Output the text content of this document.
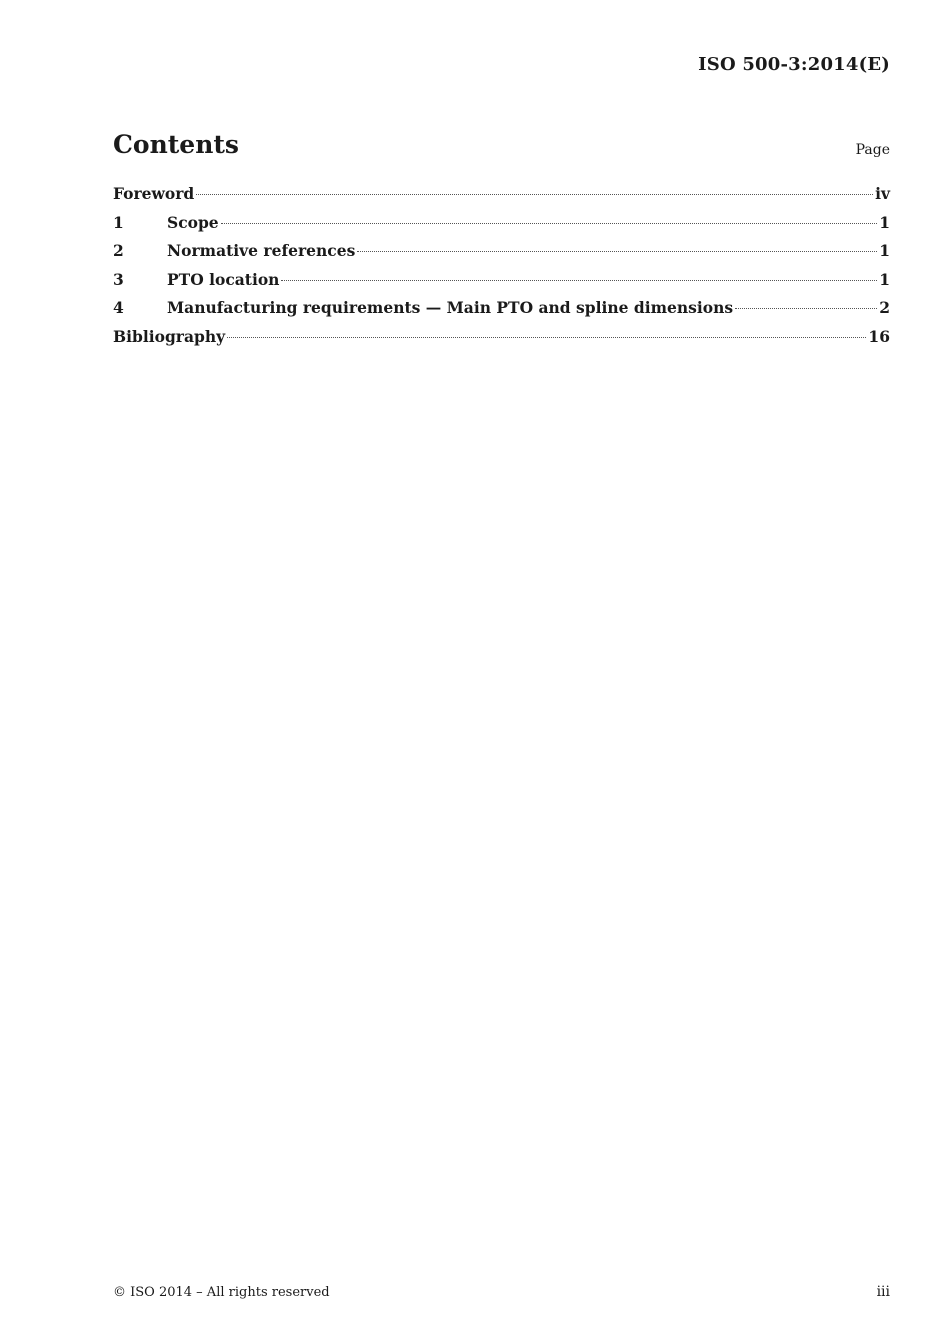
ISO 500-3:2014(E)
Contents	Page
Foreword	iv
1	Scope	1
2	Normative references	1
3	PTO location	1
4	Manufacturing requirements — Main PTO and spline dimensions	2
Bibliography	16
© ISO 2014 – All rights reserved	iii
